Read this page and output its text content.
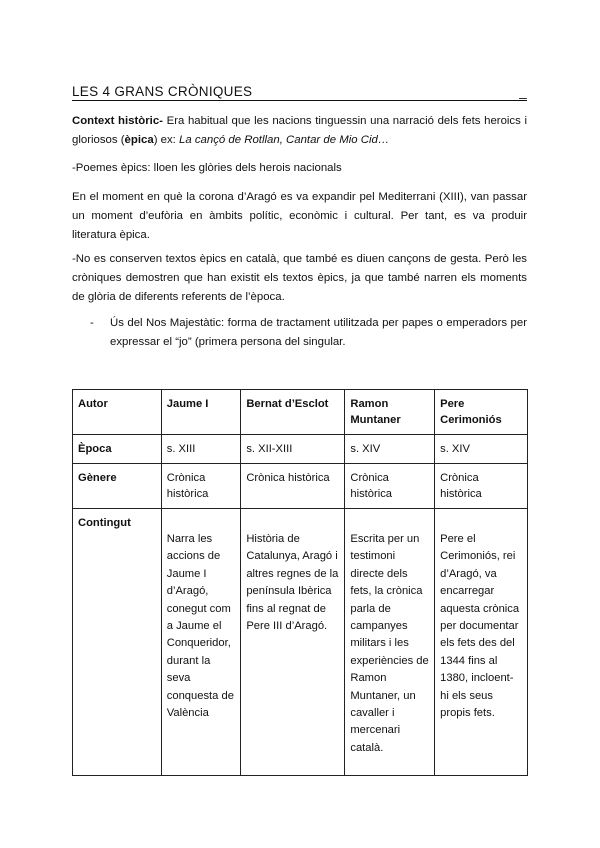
LES 4 GRANS CRÒNIQUES	_

Context històric- Era habitual que les nacions tinguessin una narració dels fets heroics i gloriosos (èpica) ex: La cançó de Rotllan, Cantar de Mio Cid…

-Poemes èpics: lloen les glòries dels herois nacionals

En el moment en què la corona d’Aragó es va expandir pel Mediterrani (XIII), van passar un moment d’eufòria en àmbits polític, econòmic i cultural. Per tant, es va produir literatura èpica.

-No es conserven textos èpics en català, que també es diuen cançons de gesta. Però les cròniques demostren que han existit els textos èpics, ja que també narren els moments de glòria de diferents referents de l’època.

- Ús del Nos Majestàtic: forma de tractament utilitzada per papes o emperadors per expressar el “jo” (primera persona del singular.
Autor	Jaume I	Bernat d’Esclot	Ramon Muntaner	Pere Cerimoniós
Època	s. XIII	s. XII-XIII	s. XIV	s. XIV
Gènere	Crònica històrica	Crònica històrica	Crònica històrica	Crònica històrica
Contingut	Narra les accions de Jaume I d’Aragó, conegut com a Jaume el Conqueridor, durant la seva conquesta de València	Història de Catalunya, Aragó i altres regnes de la península Ibèrica fins al regnat de Pere III d’Aragó.	Escrita per un testimoni directe dels fets, la crònica parla de campanyes militars i les experiències de Ramon Muntaner, un cavaller i mercenari català.	Pere el Cerimoniós, rei d’Aragó, va encarregar aquesta crònica per documentar els fets des del 1344 fins al 1380, incloent-hi els seus propis fets.
